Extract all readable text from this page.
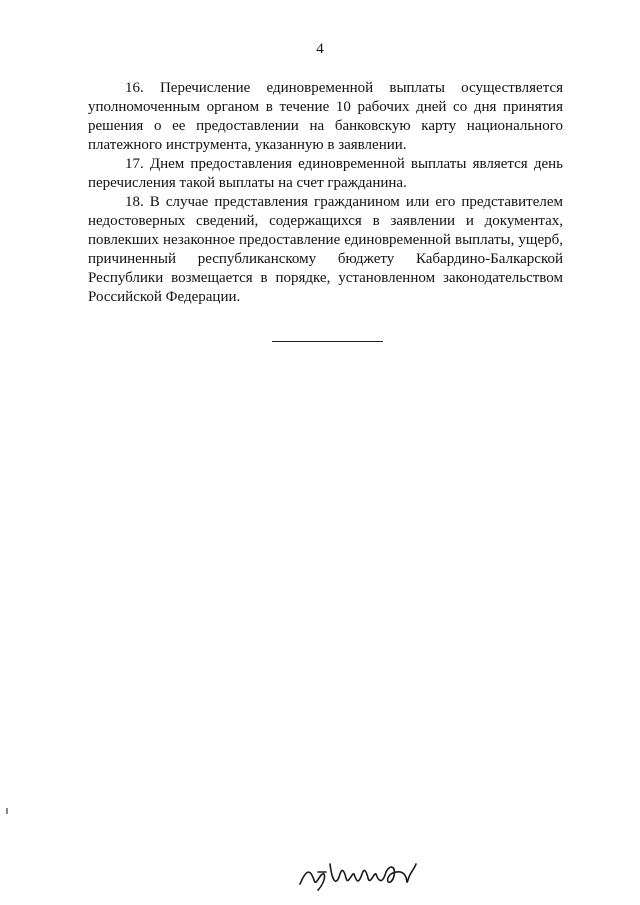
4

16. Перечисление единовременной выплаты осуществляется уполномоченным органом в течение 10 рабочих дней со дня принятия решения о ее предоставлении на банковскую карту национального платежного инструмента, указанную в заявлении.

17. Днем предоставления единовременной выплаты является день перечисления такой выплаты на счет гражданина.

18. В случае представления гражданином или его представителем недостоверных сведений, содержащихся в заявлении и документах, повлекших незаконное предоставление единовременной выплаты, ущерб, причиненный республиканскому бюджету Кабардино-Балкарской Республики возмещается в порядке, установленном законодательством Российской Федерации.
